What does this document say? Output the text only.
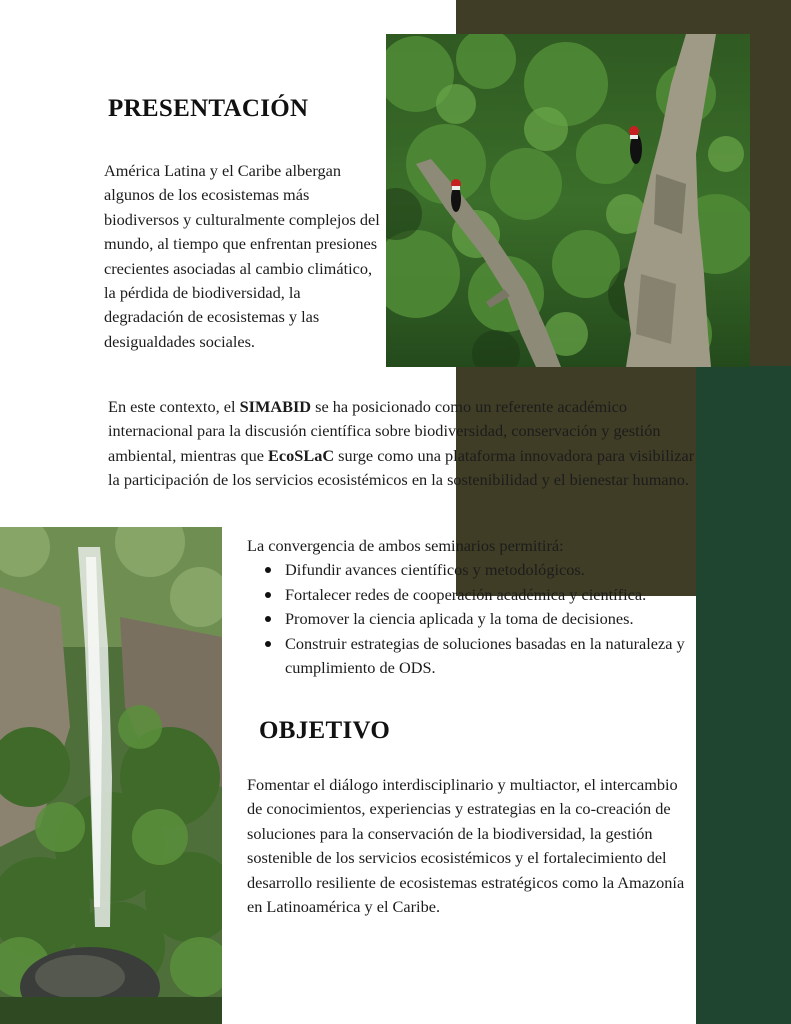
PRESENTACIÓN

América Latina y el Caribe albergan algunos de los ecosistemas más biodiversos y culturalmente complejos del mundo, al tiempo que enfrentan presiones crecientes asociadas al cambio climático, la pérdida de biodiversidad, la degradación de ecosistemas y las desigualdades sociales.

En este contexto, el SIMABID se ha posicionado como un referente académico internacional para la discusión científica sobre biodiversidad, conservación y gestión ambiental, mientras que EcoSLaC surge como una plataforma innovadora para visibilizar la participación de los servicios ecosistémicos en la sostenibilidad y el bienestar humano.

La convergencia de ambos seminarios permitirá:
Difundir avances científicos y metodológicos.
Fortalecer redes de cooperación académica y científica.
Promover la ciencia aplicada y la toma de decisiones.
Construir estrategias de soluciones basadas en la naturaleza y cumplimiento de ODS.
OBJETIVO

Fomentar el diálogo interdisciplinario y multiactor, el intercambio de conocimientos, experiencias y estrategias en la co-creación de soluciones para la conservación de la biodiversidad, la gestión sostenible de los servicios ecosistémicos y el fortalecimiento del desarrollo resiliente de ecosistemas estratégicos como la Amazonía en Latinoamérica y el Caribe.
